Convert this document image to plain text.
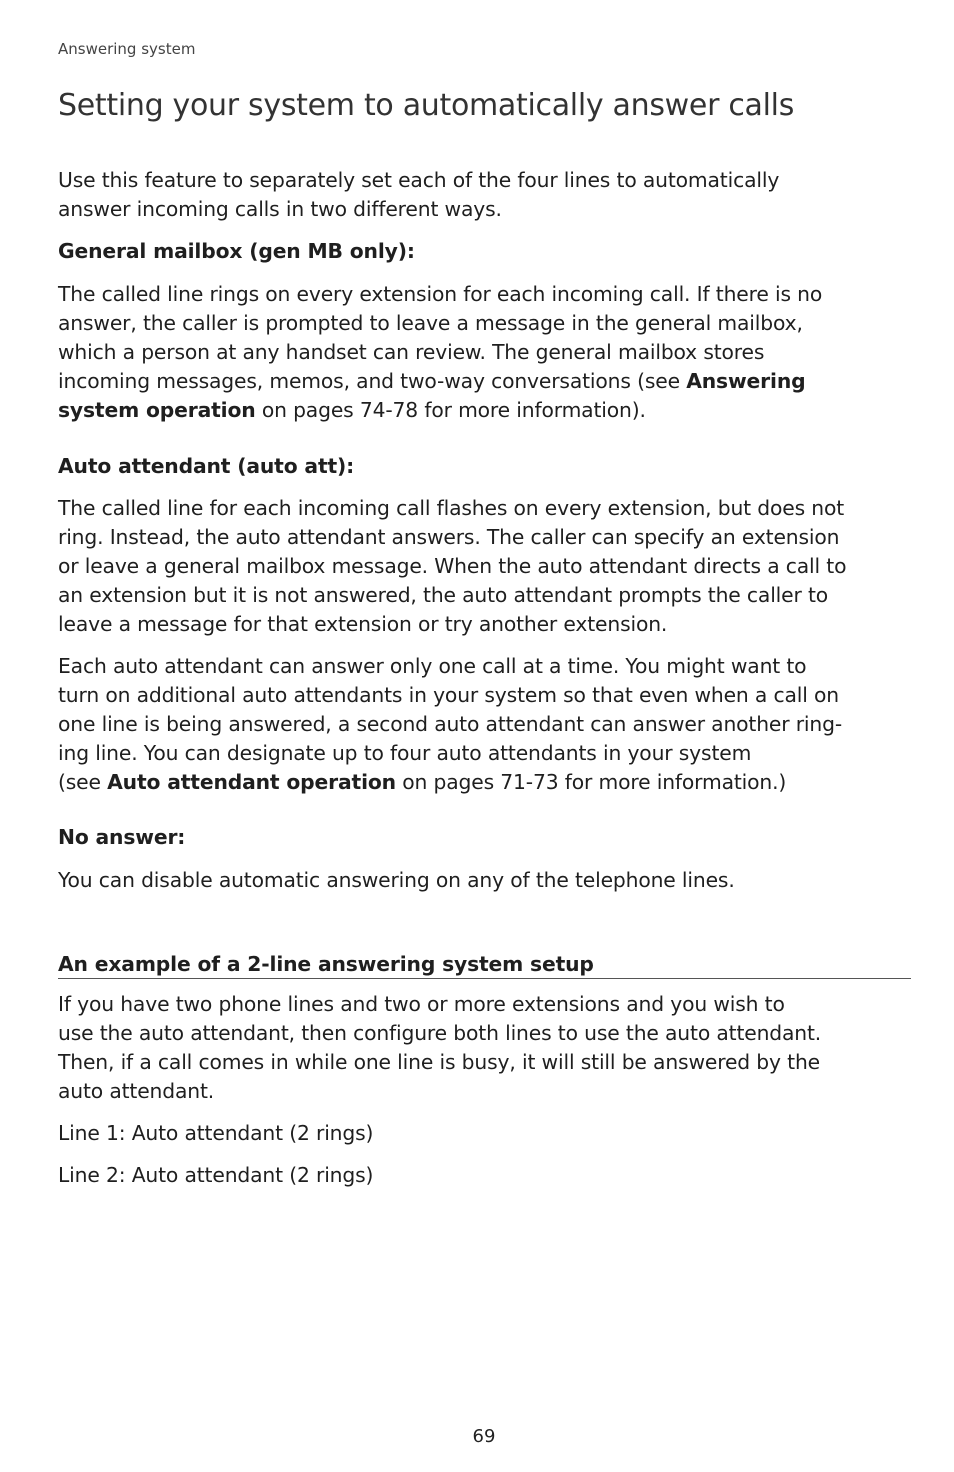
Answering system
Setting your system to automatically answer calls
Use this feature to separately set each of the four lines to automatically
answer incoming calls in two different ways.
General mailbox (gen MB only):
The called line rings on every extension for each incoming call. If there is no
answer, the caller is prompted to leave a message in the general mailbox,
which a person at any handset can review. The general mailbox stores
incoming messages, memos, and two-way conversations (see Answering
system operation on pages 74-78 for more information).
Auto attendant (auto att):
The called line for each incoming call flashes on every extension, but does not
ring. Instead, the auto attendant answers. The caller can specify an extension
or leave a general mailbox message. When the auto attendant directs a call to
an extension but it is not answered, the auto attendant prompts the caller to
leave a message for that extension or try another extension.
Each auto attendant can answer only one call at a time. You might want to
turn on additional auto attendants in your system so that even when a call on
one line is being answered, a second auto attendant can answer another ring-
ing line. You can designate up to four auto attendants in your system
(see Auto attendant operation on pages 71-73 for more information.)
No answer:
You can disable automatic answering on any of the telephone lines.
An example of a 2-line answering system setup
If you have two phone lines and two or more extensions and you wish to
use the auto attendant, then configure both lines to use the auto attendant.
Then, if a call comes in while one line is busy, it will still be answered by the
auto attendant.
Line 1: Auto attendant (2 rings)
Line 2: Auto attendant (2 rings)
69
